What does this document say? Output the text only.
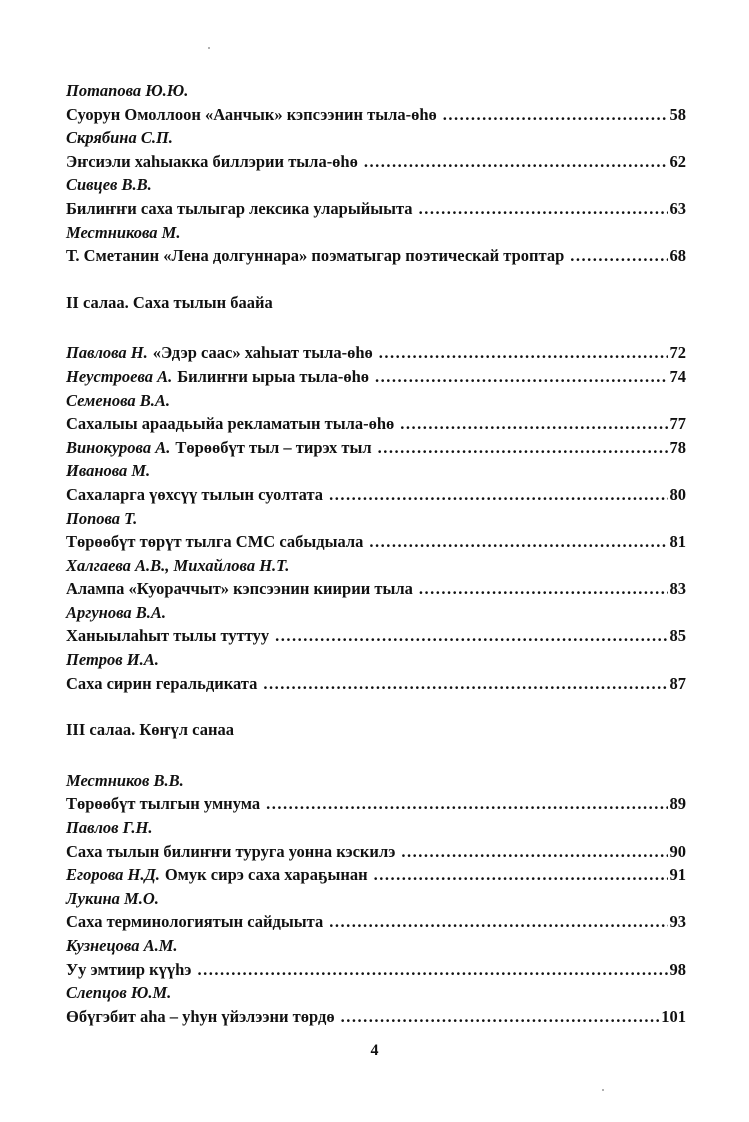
Потапова Ю.Ю.
Суорун Омоллоон «Аанчык» кэпсээнин тыла-өһө .....	58
Скрябина С.П.
Эҥсиэли хаһыакка биллэрии тыла-өһө .....	62
Сивцев В.В.
Билиҥҥи саха тылыгар лексика уларыйыыта .....	63
Местникова М.
Т. Сметанин «Лена долгуннара» поэматыгар поэтическай троптар .....	68
II салаа. Саха тылын баайа
Павлова Н. «Эдэр саас» хаһыат тыла-өһө .....	72
Неустроева А. Билиҥҥи ырыа тыла-өһө .....	74
Семенова В.А.
Сахалыы араадьыйа рекламатын тыла-өһө .....	77
Винокурова А. Төрөөбүт тыл – тирэх тыл .....	78
Иванова М.
Сахаларга үөхсүү тылын суолтата .....	80
Попова Т.
Төрөөбүт төрүт тылга СМС сабыдыала .....	81
Халгаева А.В., Михайлова Н.Т.
Алампа «Куораччыт» кэпсээнин киирии тыла .....	83
Аргунова В.А.
Ханыылаһыт тылы туттуу .....	85
Петров И.А.
Саха сирин геральдиката .....	87
III салаа. Көҥүл санаа
Местников В.В.
Төрөөбүт тылгын умнума .....	89
Павлов Г.Н.
Саха тылын билиҥҥи туруга уонна кэскилэ .....	90
Егорова Н.Д. Омук сирэ саха хараҕынан .....	91
Лукина М.О.
Саха терминологиятын сайдыыта .....	93
Кузнецова А.М.
Уу эмтиир күүһэ .....	98
Слепцов Ю.М.
Өбүгэбит аһа – уһун үйэлээни төрдө .....	101
4
